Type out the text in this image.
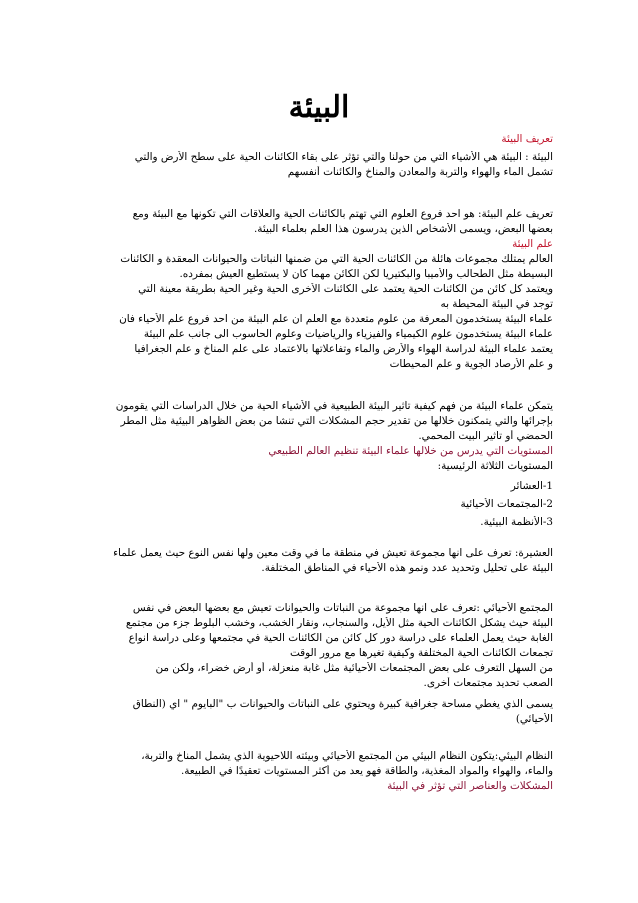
البيئة
تعريف البيئة
البيئة : البيئة هي الأشياء التي من حولنا والتي تؤثر على بقاء الكائنات الحية على سطح الأرض والتي
تشمل الماء والهواء والتربة والمعادن والمناخ والكائنات أنفسهم
تعريف علم البيئة: هو احد فروع العلوم التي تهتم بالكائنات الحية والعلاقات التي تكونها مع البيئة ومع
بعضها البعض، ويسمى الأشخاص الذين يدرسون هذا العلم بعلماء البيئة.
علم البيئة
العالم يمتلك مجموعات هائلة من الكائنات الحية التي من ضمنها النباتات والحيوانات المعقدة و الكائنات
البسيطة مثل الطحالب والأميبا والبكتيريا لكن الكائن مهما كان لا يستطيع العيش بمفرده.
ويعتمد كل كائن من الكائنات الحية يعتمد على الكائنات الأخرى الحية وغير الحية بطريقة معينة التي
توجد في البيئة المحيطة به
علماء البيئة يستخدمون المعرفة من علوم متعددة مع العلم ان علم البيئة من احد فروع علم الأحياء فان
علماء البيئة يستخدمون علوم الكيمياء والفيزياء والرياضيات وعلوم الحاسوب الى جانب علم البيئة
يعتمد علماء البيئة لدراسة الهواء والأرض والماء وتفاعلاتها بالاعتماد على علم المناخ و علم الجغرافيا
و علم الأرصاد الجوية و علم المحيطات
يتمكن علماء البيئة من فهم كيفية تأثير البيئة الطبيعية في الأشياء الحية من خلال الدراسات التي يقومون
بإجرائها والتي يتمكنون خلالها من تقدير حجم المشكلات التي تنشأ من بعض الظواهر البيئية مثل المطر
الحمضي أو تأثير البيت المحمي.
المستويات التي يدرس من خلالها علماء البيئة تنظيم العالم الطبيعي
المستويات الثلاثة الرئيسية:
1-العشائر
2-المجتمعات الأحيائية
3-الأنظمة البيئية.
العشيرة: تعرف على انها مجموعة تعيش في منطقة ما في وقت معين ولها نفس النوع حيث يعمل علماء
البيئة على تحليل وتحديد عدد ونمو هذه الأحياء في المناطق المختلفة.
المجتمع الأحيائي :تعرف على انها مجموعة من النباتات والحيوانات تعيش مع بعضها البعض في نفس
البيئة حيث يشكل الكائنات الحية مثل الأيل، والسنجاب، ونقار الخشب، وخشب البلوط جزء من مجتمع
الغابة حيث يعمل العلماء على دراسة دور كل كائن من الكائنات الحية في مجتمعها وعلى دراسة انواع
تجمعات الكائنات الحية المختلفة وكيفية تغيرها مع مرور الوقت
من السهل التعرف على بعض المجتمعات الأحيائية مثل غابة منعزلة، أو أرض خضراء، ولكن من
الصعب تحديد مجتمعات أخرى.
يسمى الذي يغطي مساحة جغرافية كبيرة ويحتوي على النباتات والحيوانات ب "البايوم " اي (النطاق
الأحيائي)
النظام البيئي:يتكون النظام البيئي من المجتمع الأحيائي وبيئته اللاحيوية الذي يشمل المناخ والتربة،
والماء، والهواء والمواد المغذية، والطاقة فهو يعد من أكثر المستويات تعقيدًا في الطبيعة.
المشكلات والعناصر التي تؤثر في البيئة
